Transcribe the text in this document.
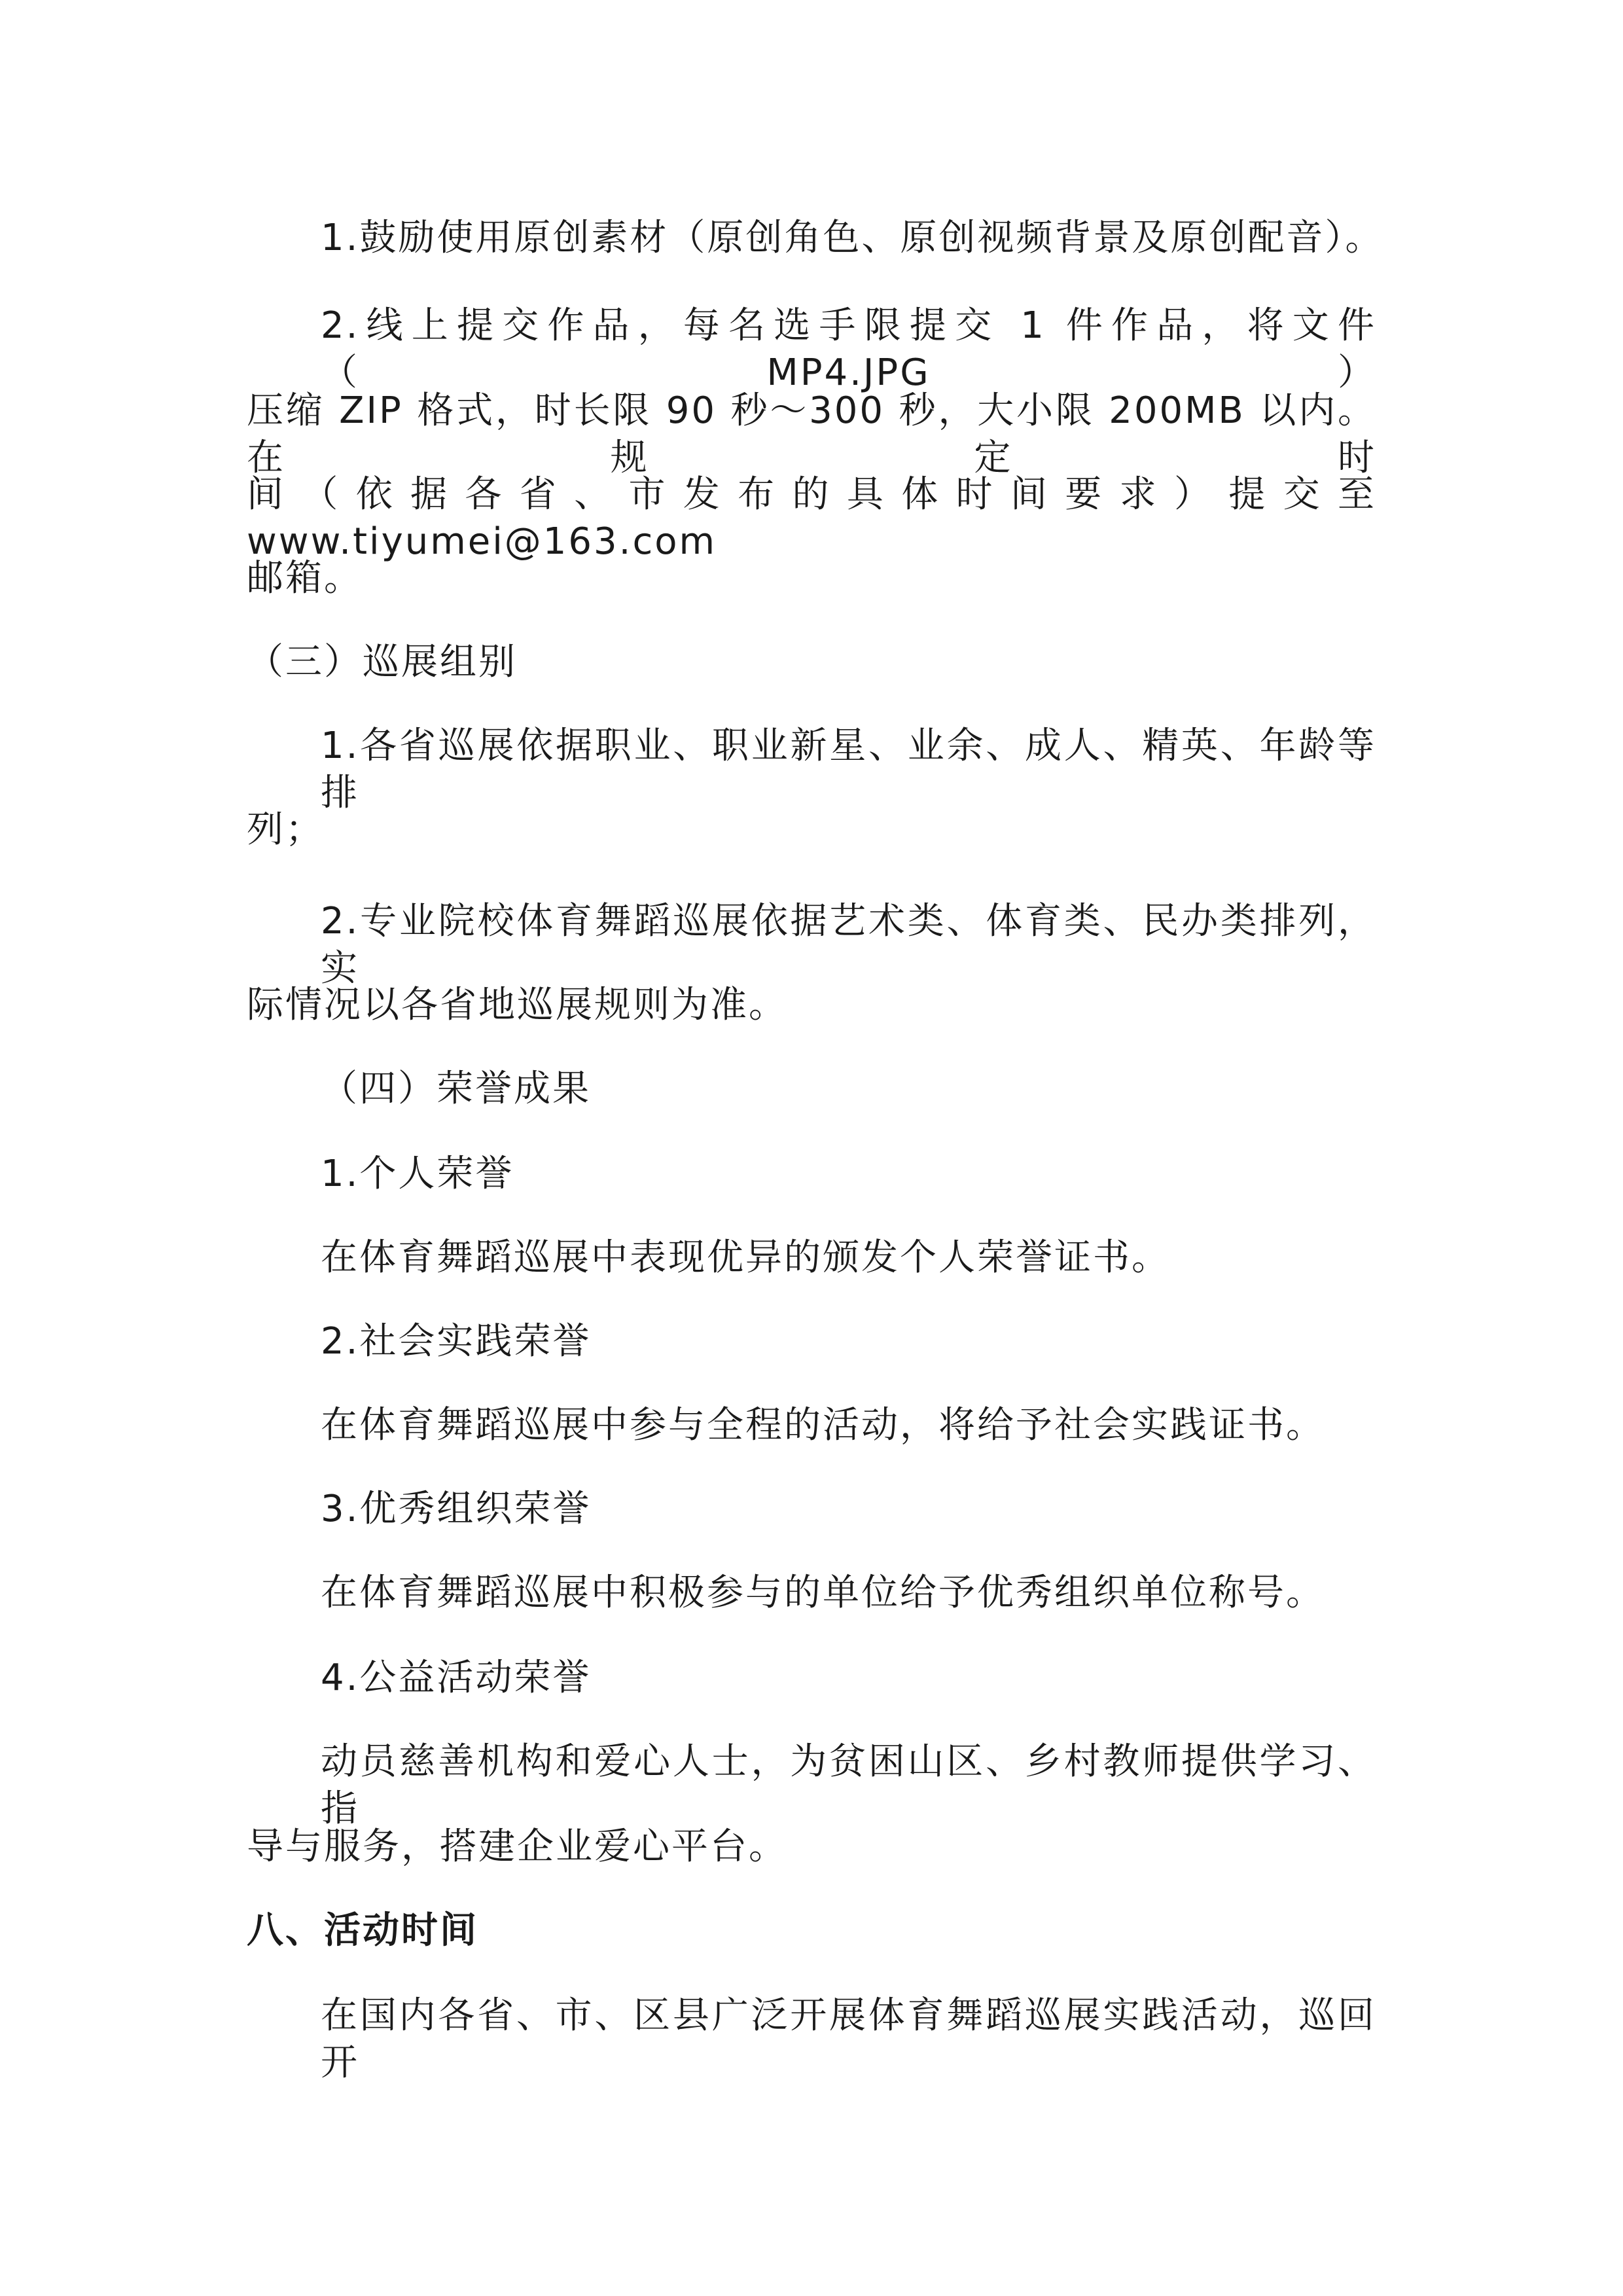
1.鼓励使用原创素材（原创角色、原创视频背景及原创配音）。
2.线上提交作品，每名选手限提交 1 件作品，将文件（MP4.JPG）
压缩 ZIP 格式，时长限 90 秒～300 秒，大小限 200MB 以内。在规定时
间（依据各省、市发布的具体时间要求）提交至 www.tiyumei@163.com
邮箱。
（三）巡展组别
1.各省巡展依据职业、职业新星、业余、成人、精英、年龄等排
列；
2.专业院校体育舞蹈巡展依据艺术类、体育类、民办类排列，实
际情况以各省地巡展规则为准。
（四）荣誉成果
1.个人荣誉
在体育舞蹈巡展中表现优异的颁发个人荣誉证书。
2.社会实践荣誉
在体育舞蹈巡展中参与全程的活动，将给予社会实践证书。
3.优秀组织荣誉
在体育舞蹈巡展中积极参与的单位给予优秀组织单位称号。
4.公益活动荣誉
动员慈善机构和爱心人士，为贫困山区、乡村教师提供学习、指
导与服务，搭建企业爱心平台。
八、活动时间
在国内各省、市、区县广泛开展体育舞蹈巡展实践活动，巡回开
